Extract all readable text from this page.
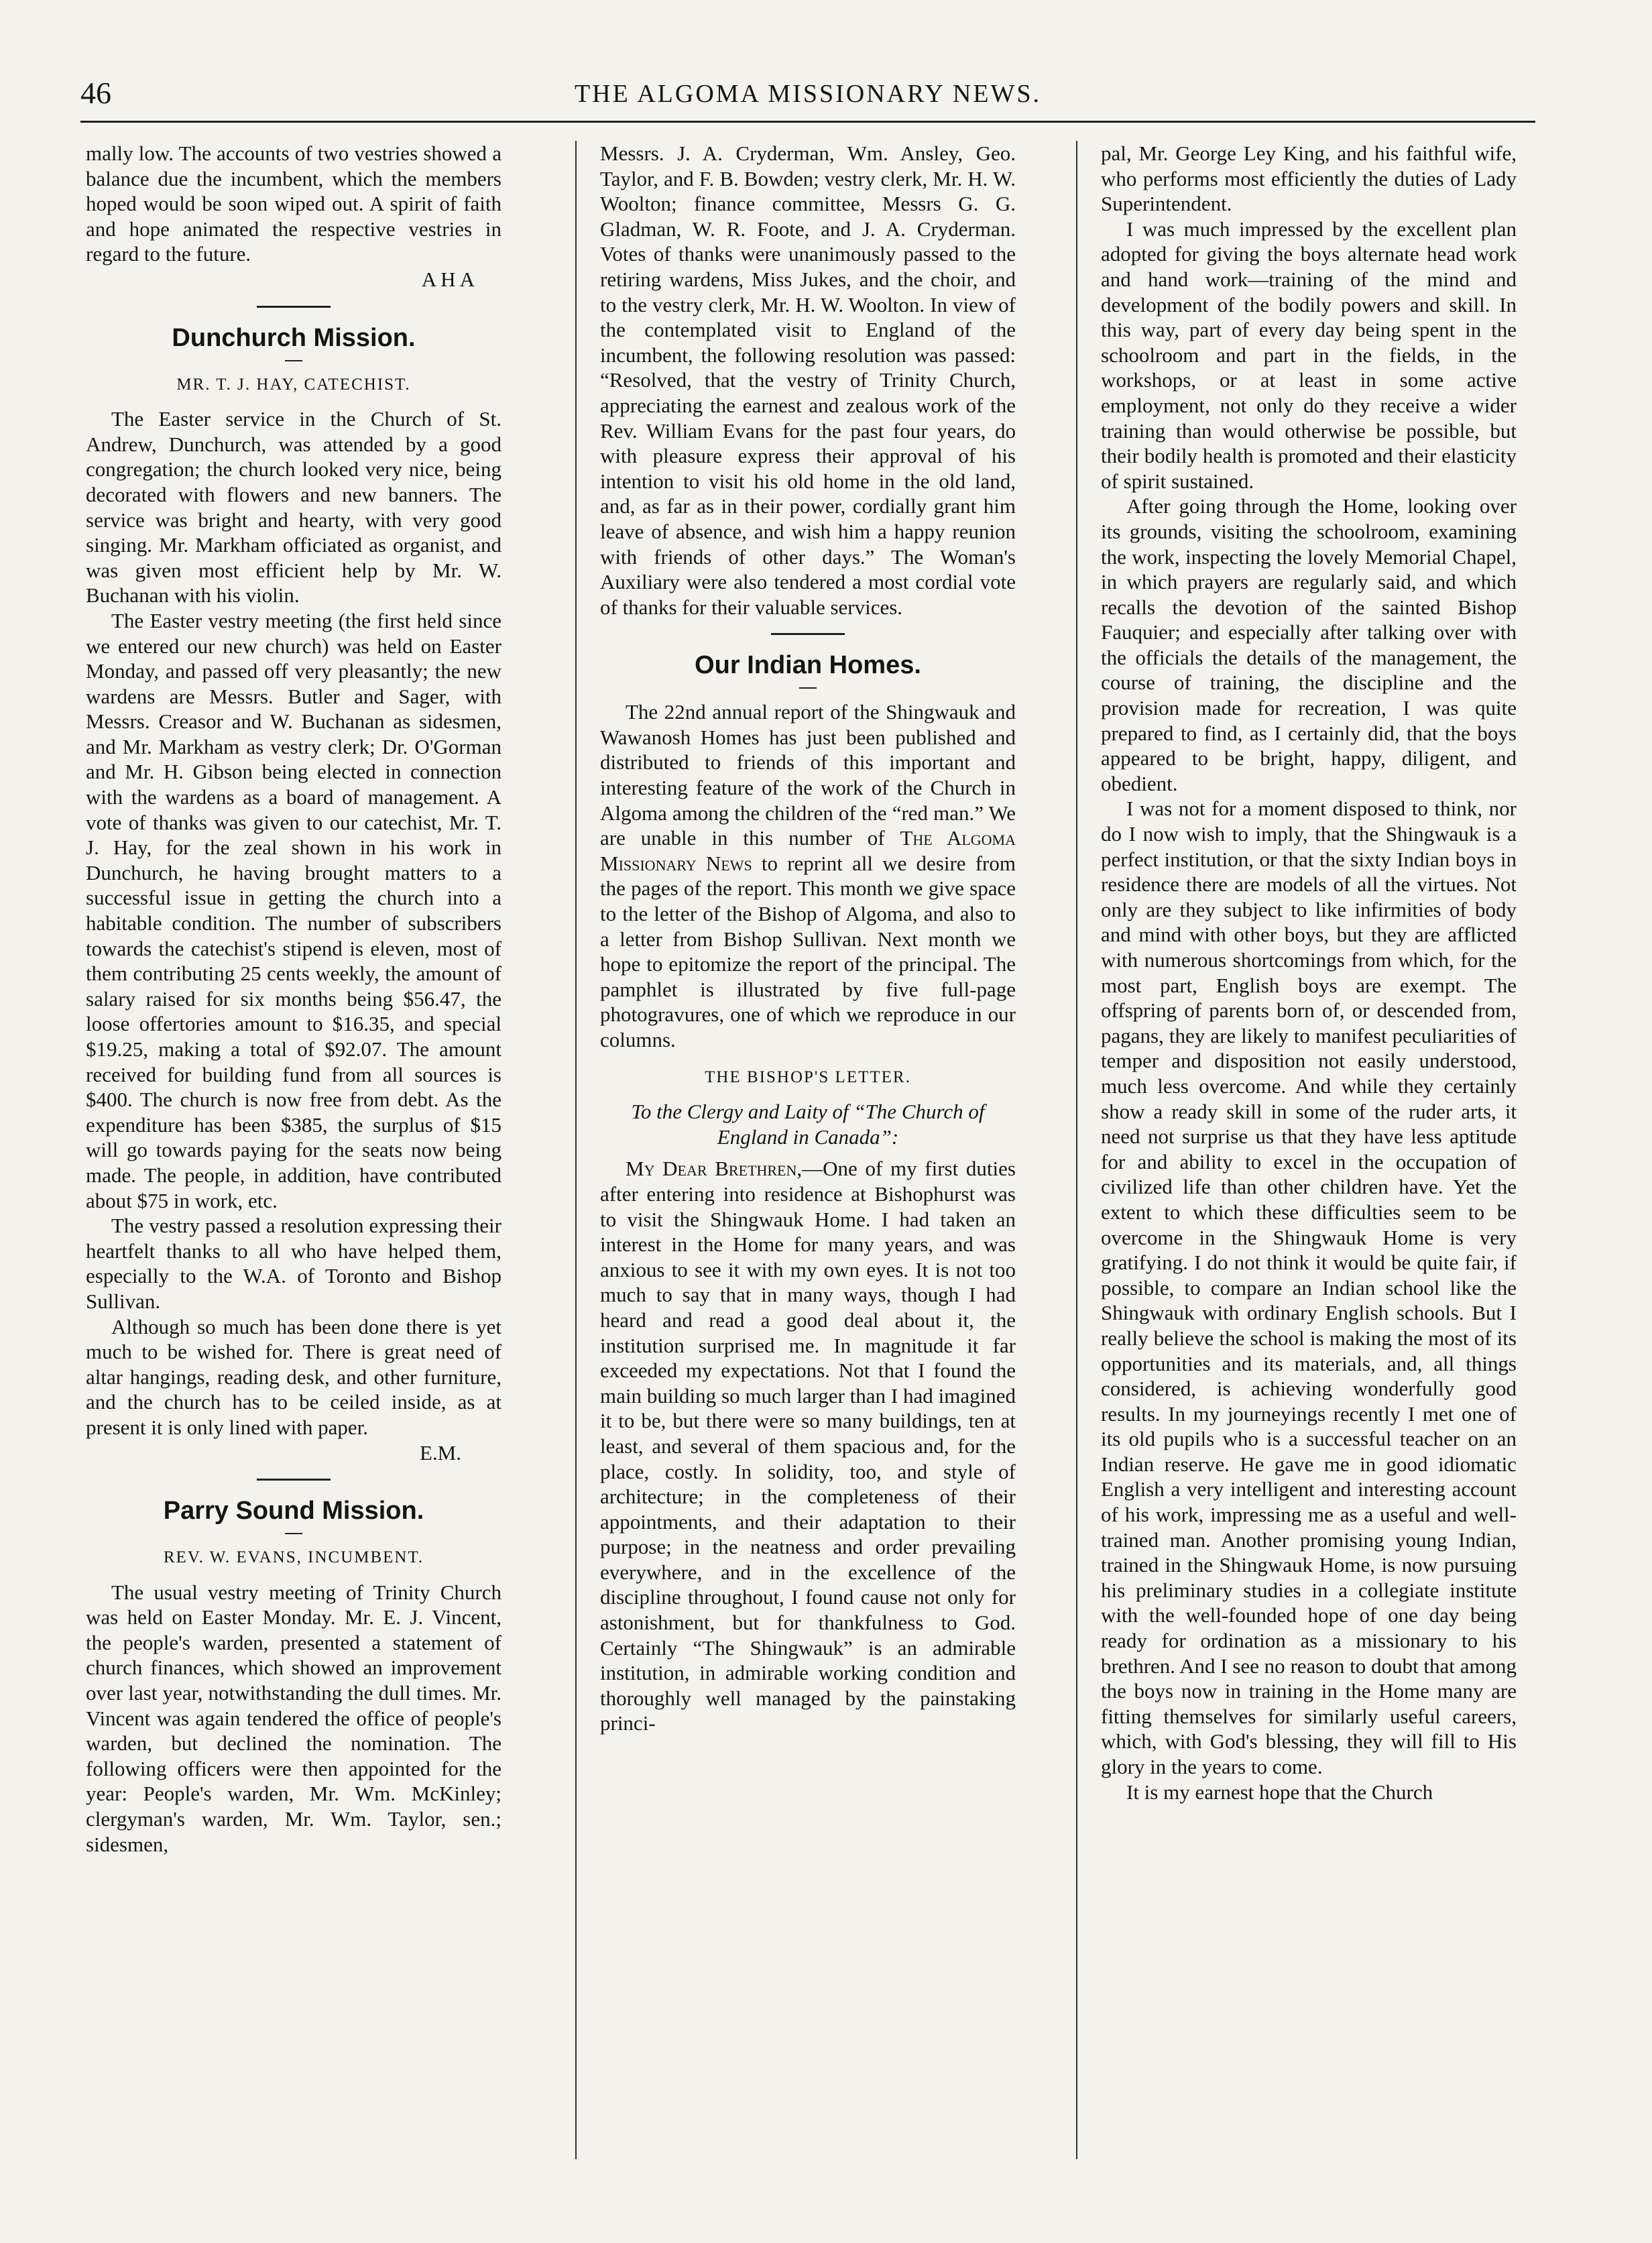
46	THE ALGOMA MISSIONARY NEWS.

mally low. The accounts of two vestries showed a balance due the incumbent, which the members hoped would be soon wiped out. A spirit of faith and hope animated the respective vestries in regard to the future.

A H A
Dunchurch Mission.
MR. T. J. HAY, CATECHIST.

The Easter service in the Church of St. Andrew, Dunchurch, was attended by a good congregation; the church looked very nice, being decorated with flowers and new banners. The service was bright and hearty, with very good singing. Mr. Markham officiated as organist, and was given most efficient help by Mr. W. Buchanan with his violin.

The Easter vestry meeting (the first held since we entered our new church) was held on Easter Monday, and passed off very pleasantly; the new wardens are Messrs. Butler and Sager, with Messrs. Creasor and W. Buchanan as sidesmen, and Mr. Markham as vestry clerk; Dr. O'Gorman and Mr. H. Gibson being elected in connection with the wardens as a board of management. A vote of thanks was given to our catechist, Mr. T. J. Hay, for the zeal shown in his work in Dunchurch, he having brought matters to a successful issue in getting the church into a habitable condition. The number of subscribers towards the catechist's stipend is eleven, most of them contributing 25 cents weekly, the amount of salary raised for six months being $56.47, the loose offertories amount to $16.35, and special $19.25, making a total of $92.07. The amount received for building fund from all sources is $400. The church is now free from debt. As the expenditure has been $385, the surplus of $15 will go towards paying for the seats now being made. The people, in addition, have contributed about $75 in work, etc.

The vestry passed a resolution expressing their heartfelt thanks to all who have helped them, especially to the W.A. of Toronto and Bishop Sullivan.

Although so much has been done there is yet much to be wished for. There is great need of altar hangings, reading desk, and other furniture, and the church has to be ceiled inside, as at present it is only lined with paper.

E.M.
Parry Sound Mission.
REV. W. EVANS, INCUMBENT.

The usual vestry meeting of Trinity Church was held on Easter Monday. Mr. E. J. Vincent, the people's warden, presented a statement of church finances, which showed an improvement over last year, notwithstanding the dull times. Mr. Vincent was again tendered the office of people's warden, but declined the nomination. The following officers were then appointed for the year: People's warden, Mr. Wm. McKinley; clergyman's warden, Mr. Wm. Taylor, sen.; sidesmen,

Messrs. J. A. Cryderman, Wm. Ansley, Geo. Taylor, and F. B. Bowden; vestry clerk, Mr. H. W. Woolton; finance committee, Messrs G. G. Gladman, W. R. Foote, and J. A. Cryderman. Votes of thanks were unanimously passed to the retiring wardens, Miss Jukes, and the choir, and to the vestry clerk, Mr. H. W. Woolton. In view of the contemplated visit to England of the incumbent, the following resolution was passed: “Resolved, that the vestry of Trinity Church, appreciating the earnest and zealous work of the Rev. William Evans for the past four years, do with pleasure express their approval of his intention to visit his old home in the old land, and, as far as in their power, cordially grant him leave of absence, and wish him a happy reunion with friends of other days.” The Woman's Auxiliary were also tendered a most cordial vote of thanks for their valuable services.

Our Indian Homes.

The 22nd annual report of the Shingwauk and Wawanosh Homes has just been published and distributed to friends of this important and interesting feature of the work of the Church in Algoma among the children of the “red man.” We are unable in this number of The Algoma Missionary News to reprint all we desire from the pages of the report. This month we give space to the letter of the Bishop of Algoma, and also to a letter from Bishop Sullivan. Next month we hope to epitomize the report of the principal. The pamphlet is illustrated by five full-page photogravures, one of which we reproduce in our columns.

THE BISHOP'S LETTER.
To the Clergy and Laity of “The Church of England in Canada”:

My Dear Brethren,—One of my first duties after entering into residence at Bishophurst was to visit the Shingwauk Home. I had taken an interest in the Home for many years, and was anxious to see it with my own eyes. It is not too much to say that in many ways, though I had heard and read a good deal about it, the institution surprised me. In magnitude it far exceeded my expectations. Not that I found the main building so much larger than I had imagined it to be, but there were so many buildings, ten at least, and several of them spacious and, for the place, costly. In solidity, too, and style of architecture; in the completeness of their appointments, and their adaptation to their purpose; in the neatness and order prevailing everywhere, and in the excellence of the discipline throughout, I found cause not only for astonishment, but for thankfulness to God. Certainly “The Shingwauk” is an admirable institution, in admirable working condition and thoroughly well managed by the painstaking princi-

pal, Mr. George Ley King, and his faithful wife, who performs most efficiently the duties of Lady Superintendent.

I was much impressed by the excellent plan adopted for giving the boys alternate head work and hand work—training of the mind and development of the bodily powers and skill. In this way, part of every day being spent in the schoolroom and part in the fields, in the workshops, or at least in some active employment, not only do they receive a wider training than would otherwise be possible, but their bodily health is promoted and their elasticity of spirit sustained.

After going through the Home, looking over its grounds, visiting the schoolroom, examining the work, inspecting the lovely Memorial Chapel, in which prayers are regularly said, and which recalls the devotion of the sainted Bishop Fauquier; and especially after talking over with the officials the details of the management, the course of training, the discipline and the provision made for recreation, I was quite prepared to find, as I certainly did, that the boys appeared to be bright, happy, diligent, and obedient.

I was not for a moment disposed to think, nor do I now wish to imply, that the Shingwauk is a perfect institution, or that the sixty Indian boys in residence there are models of all the virtues. Not only are they subject to like infirmities of body and mind with other boys, but they are afflicted with numerous shortcomings from which, for the most part, English boys are exempt. The offspring of parents born of, or descended from, pagans, they are likely to manifest peculiarities of temper and disposition not easily understood, much less overcome. And while they certainly show a ready skill in some of the ruder arts, it need not surprise us that they have less aptitude for and ability to excel in the occupation of civilized life than other children have. Yet the extent to which these difficulties seem to be overcome in the Shingwauk Home is very gratifying. I do not think it would be quite fair, if possible, to compare an Indian school like the Shingwauk with ordinary English schools. But I really believe the school is making the most of its opportunities and its materials, and, all things considered, is achieving wonderfully good results. In my journeyings recently I met one of its old pupils who is a successful teacher on an Indian reserve. He gave me in good idiomatic English a very intelligent and interesting account of his work, impressing me as a useful and well-trained man. Another promising young Indian, trained in the Shingwauk Home, is now pursuing his preliminary studies in a collegiate institute with the well-founded hope of one day being ready for ordination as a missionary to his brethren. And I see no reason to doubt that among the boys now in training in the Home many are fitting themselves for similarly useful careers, which, with God's blessing, they will fill to His glory in the years to come.

It is my earnest hope that the Church
